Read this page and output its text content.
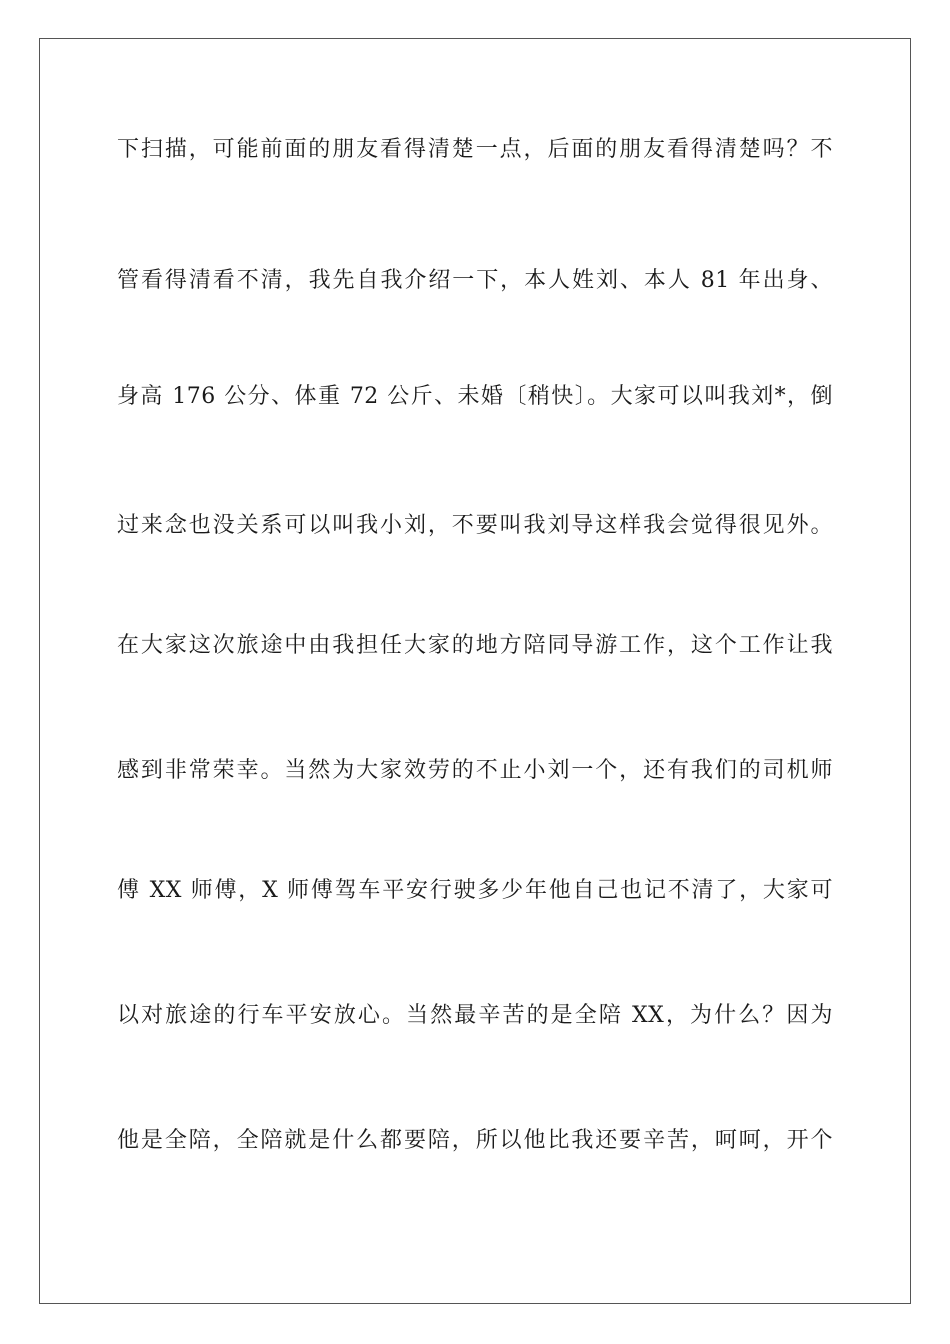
下扫描，可能前面的朋友看得清楚一点，后面的朋友看得清楚吗？不
管看得清看不清，我先自我介绍一下，本人姓刘、本人 81 年出身、
身高 176 公分、体重 72 公斤、未婚〔稍快〕。大家可以叫我刘*，倒
过来念也没关系可以叫我小刘，不要叫我刘导这样我会觉得很见外。
在大家这次旅途中由我担任大家的地方陪同导游工作，这个工作让我
感到非常荣幸。当然为大家效劳的不止小刘一个，还有我们的司机师
傅 XX 师傅，X 师傅驾车平安行驶多少年他自己也记不清了，大家可
以对旅途的行车平安放心。当然最辛苦的是全陪 XX，为什么？因为
他是全陪，全陪就是什么都要陪，所以他比我还要辛苦，呵呵，开个
